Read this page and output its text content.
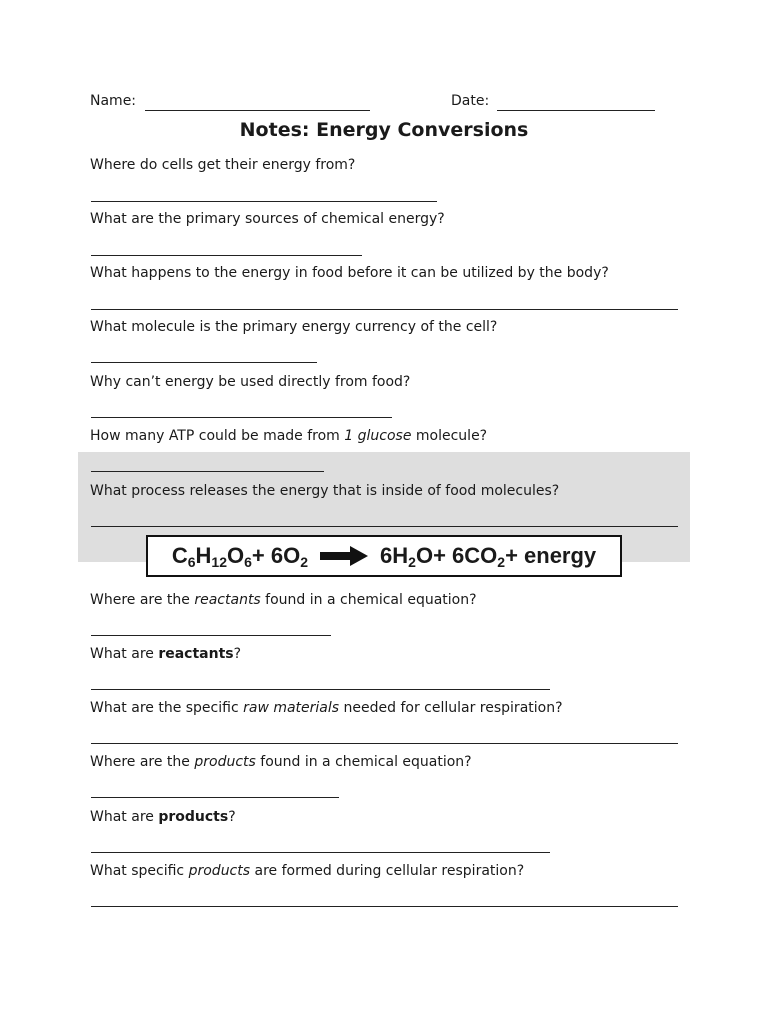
Name:	Date:
Notes: Energy Conversions
Where do cells get their energy from?
What are the primary sources of chemical energy?
What happens to the energy in food before it can be utilized by the body?
What molecule is the primary energy currency of the cell?
Why can’t energy be used directly from food?
How many ATP could be made from 1 glucose molecule?
What process releases the energy that is inside of food molecules?
$C_6H_{12}O_6 + 6O_2$	$6H_2O + 6CO_2$ + energy
Where are the reactants found in a chemical equation?
What are reactants?
What are the specific raw materials needed for cellular respiration?
Where are the products found in a chemical equation?
What are products?
What specific products are formed during cellular respiration?
